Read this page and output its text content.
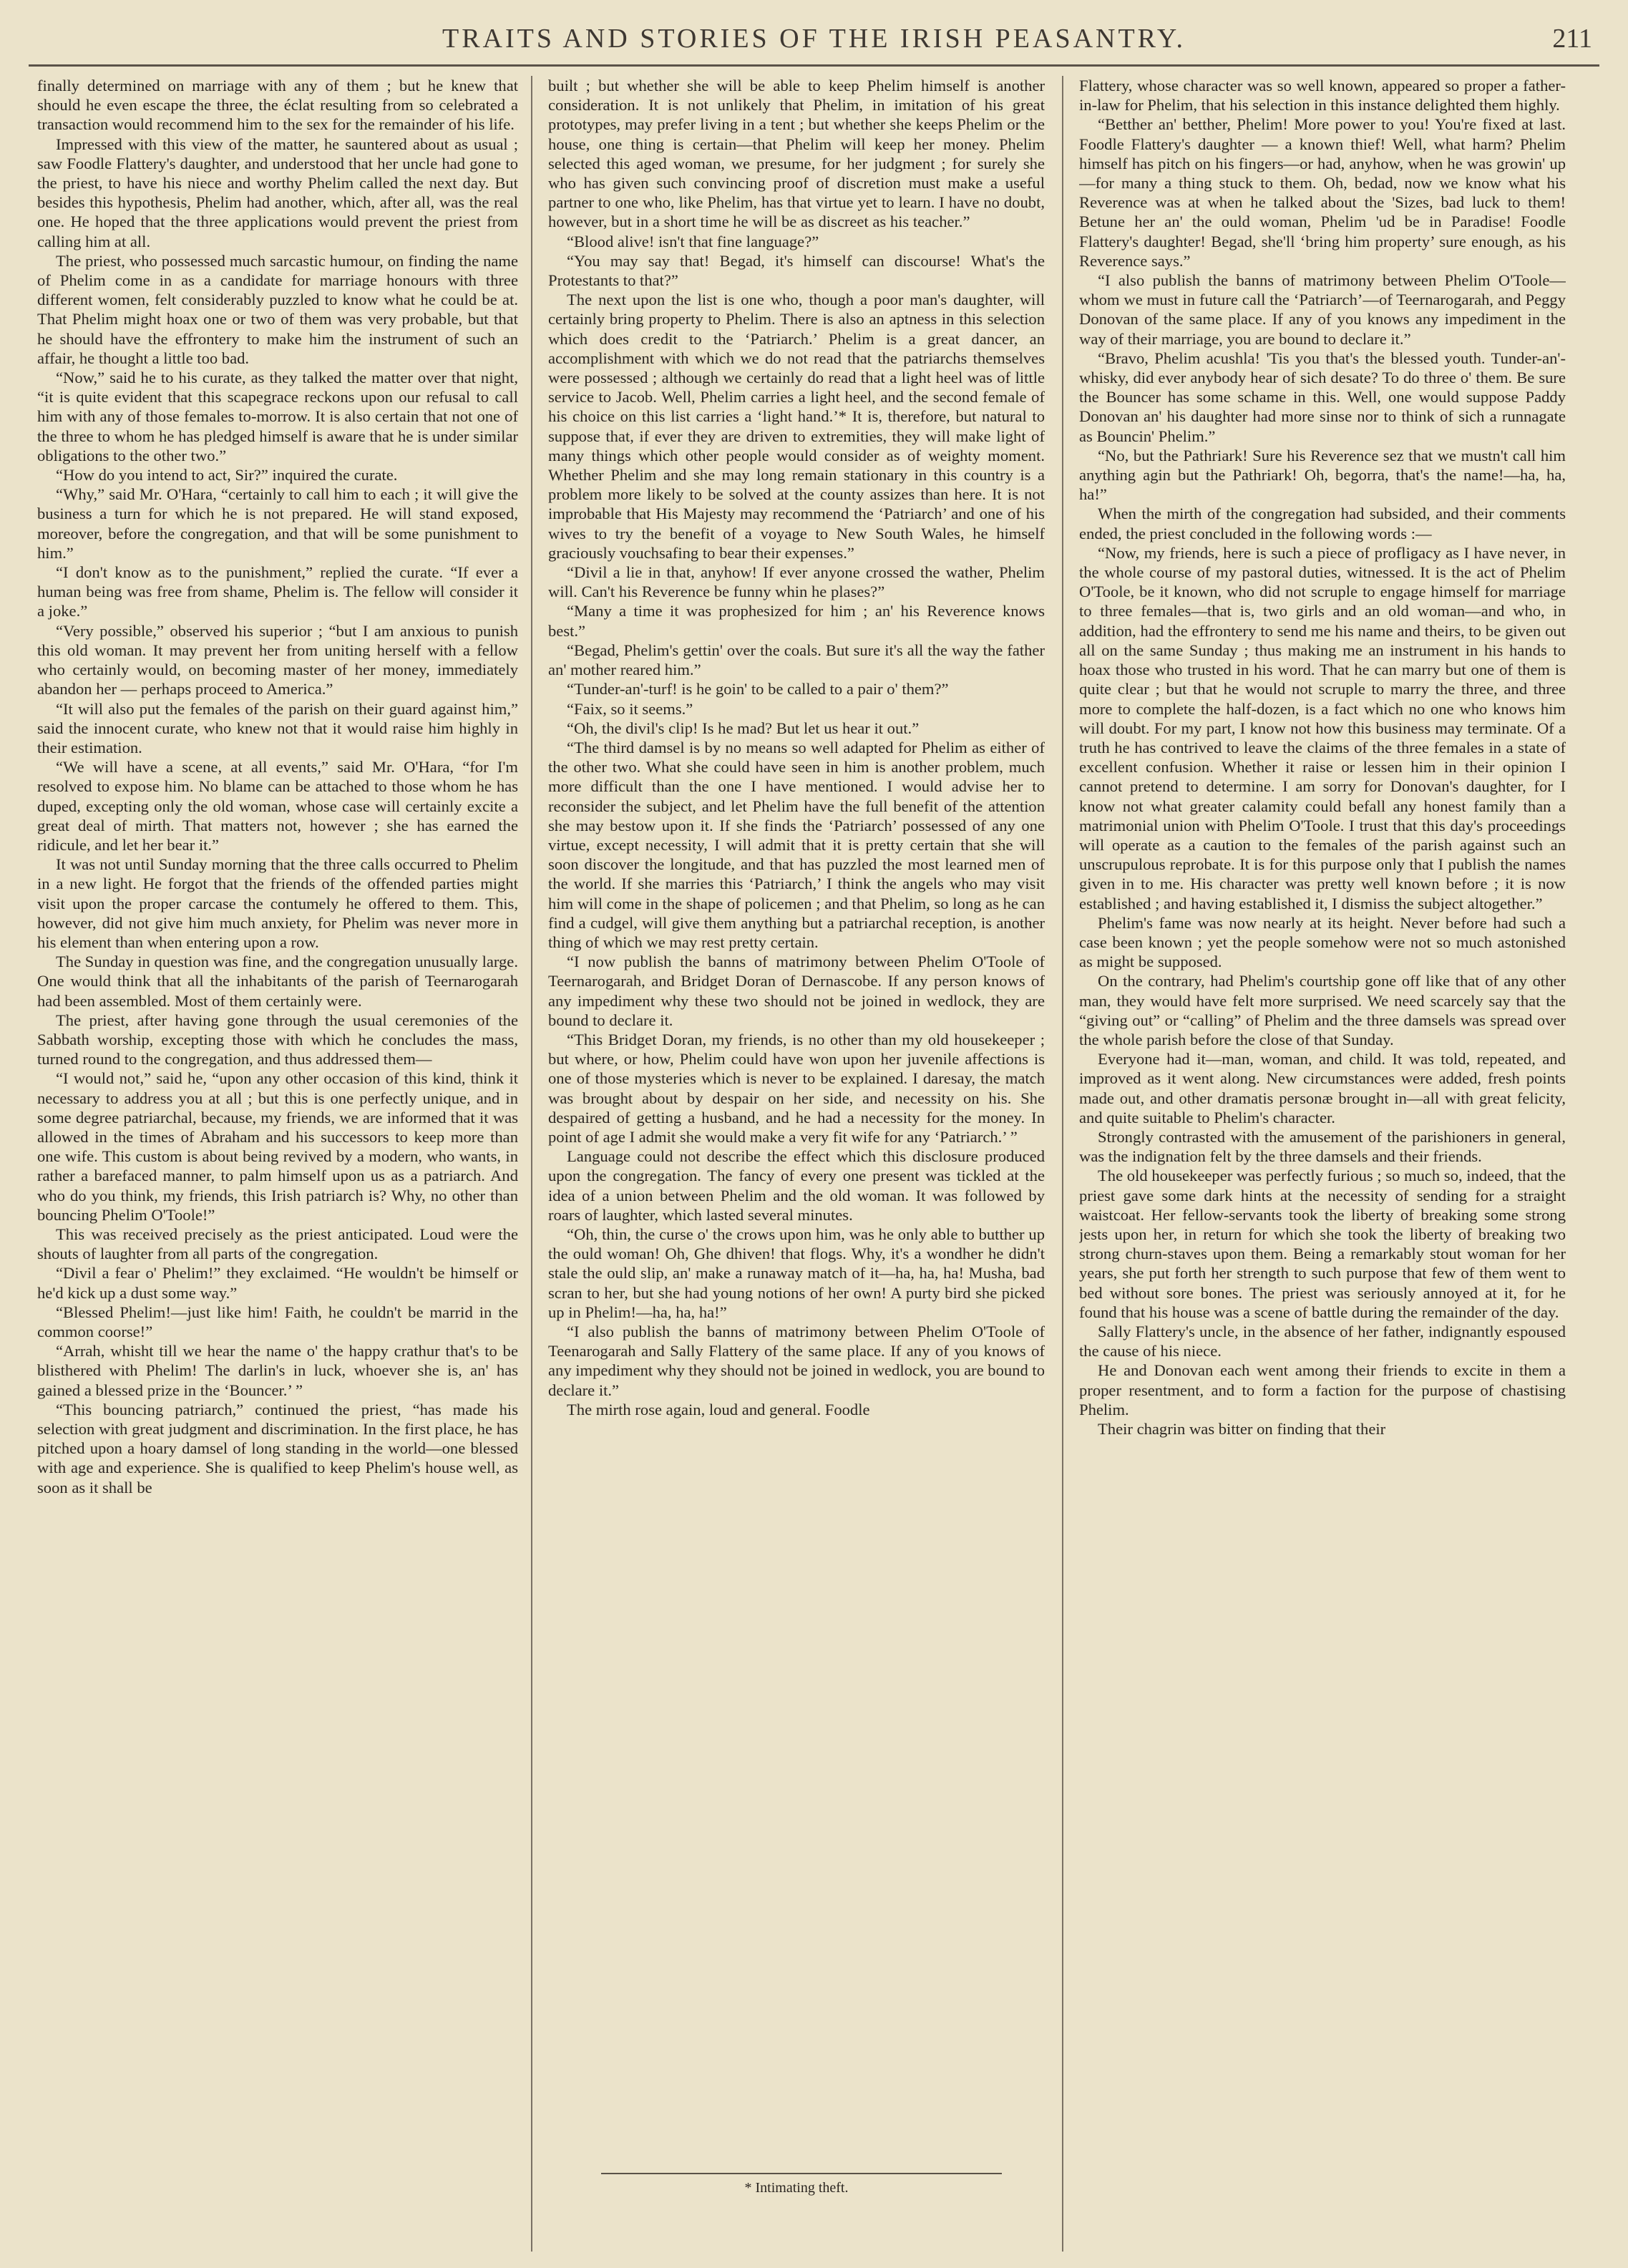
TRAITS AND STORIES OF THE IRISH PEASANTRY.	211

finally determined on marriage with any of them ; but he knew that should he even escape the three, the éclat resulting from so celebrated a transaction would recommend him to the sex for the remainder of his life.

Impressed with this view of the matter, he sauntered about as usual ; saw Foodle Flattery's daughter, and understood that her uncle had gone to the priest, to have his niece and worthy Phelim called the next day. But besides this hypothesis, Phelim had another, which, after all, was the real one. He hoped that the three applications would prevent the priest from calling him at all.

The priest, who possessed much sarcastic humour, on finding the name of Phelim come in as a candidate for marriage honours with three different women, felt considerably puzzled to know what he could be at. That Phelim might hoax one or two of them was very probable, but that he should have the effrontery to make him the instrument of such an affair, he thought a little too bad.

“Now,” said he to his curate, as they talked the matter over that night, “it is quite evident that this scapegrace reckons upon our refusal to call him with any of those females to-morrow. It is also certain that not one of the three to whom he has pledged himself is aware that he is under similar obligations to the other two.”

“How do you intend to act, Sir?” inquired the curate.

“Why,” said Mr. O'Hara, “certainly to call him to each ; it will give the business a turn for which he is not prepared. He will stand exposed, moreover, before the congregation, and that will be some punishment to him.”

“I don't know as to the punishment,” replied the curate. “If ever a human being was free from shame, Phelim is. The fellow will consider it a joke.”

“Very possible,” observed his superior ; “but I am anxious to punish this old woman. It may prevent her from uniting herself with a fellow who certainly would, on becoming master of her money, immediately abandon her — perhaps proceed to America.”

“It will also put the females of the parish on their guard against him,” said the innocent curate, who knew not that it would raise him highly in their estimation.

“We will have a scene, at all events,” said Mr. O'Hara, “for I'm resolved to expose him. No blame can be attached to those whom he has duped, excepting only the old woman, whose case will certainly excite a great deal of mirth. That matters not, however ; she has earned the ridicule, and let her bear it.”

It was not until Sunday morning that the three calls occurred to Phelim in a new light. He forgot that the friends of the offended parties might visit upon the proper carcase the contumely he offered to them. This, however, did not give him much anxiety, for Phelim was never more in his element than when entering upon a row.

The Sunday in question was fine, and the congregation unusually large. One would think that all the inhabitants of the parish of Teernarogarah had been assembled. Most of them certainly were.

The priest, after having gone through the usual ceremonies of the Sabbath worship, excepting those with which he concludes the mass, turned round to the congregation, and thus addressed them—

“I would not,” said he, “upon any other occasion of this kind, think it necessary to address you at all ; but this is one perfectly unique, and in some degree patriarchal, because, my friends, we are informed that it was allowed in the times of Abraham and his successors to keep more than one wife. This custom is about being revived by a modern, who wants, in rather a barefaced manner, to palm himself upon us as a patriarch. And who do you think, my friends, this Irish patriarch is? Why, no other than bouncing Phelim O'Toole!”

This was received precisely as the priest anticipated. Loud were the shouts of laughter from all parts of the congregation.

“Divil a fear o' Phelim!” they exclaimed. “He wouldn't be himself or he'd kick up a dust some way.”

“Blessed Phelim!—just like him! Faith, he couldn't be marrid in the common coorse!”

“Arrah, whisht till we hear the name o' the happy crathur that's to be blisthered with Phelim! The darlin's in luck, whoever she is, an' has gained a blessed prize in the ‘Bouncer.’ ”

“This bouncing patriarch,” continued the priest, “has made his selection with great judgment and discrimination. In the first place, he has pitched upon a hoary damsel of long standing in the world—one blessed with age and experience. She is qualified to keep Phelim's house well, as soon as it shall be

built ; but whether she will be able to keep Phelim himself is another consideration. It is not unlikely that Phelim, in imitation of his great prototypes, may prefer living in a tent ; but whether she keeps Phelim or the house, one thing is certain—that Phelim will keep her money. Phelim selected this aged woman, we presume, for her judgment ; for surely she who has given such convincing proof of discretion must make a useful partner to one who, like Phelim, has that virtue yet to learn. I have no doubt, however, but in a short time he will be as discreet as his teacher.”

“Blood alive! isn't that fine language?”

“You may say that! Begad, it's himself can discourse! What's the Protestants to that?”

The next upon the list is one who, though a poor man's daughter, will certainly bring property to Phelim. There is also an aptness in this selection which does credit to the ‘Patriarch.’ Phelim is a great dancer, an accomplishment with which we do not read that the patriarchs themselves were possessed ; although we certainly do read that a light heel was of little service to Jacob. Well, Phelim carries a light heel, and the second female of his choice on this list carries a ‘light hand.’* It is, therefore, but natural to suppose that, if ever they are driven to extremities, they will make light of many things which other people would consider as of weighty moment. Whether Phelim and she may long remain stationary in this country is a problem more likely to be solved at the county assizes than here. It is not improbable that His Majesty may recommend the ‘Patriarch’ and one of his wives to try the benefit of a voyage to New South Wales, he himself graciously vouchsafing to bear their expenses.”

“Divil a lie in that, anyhow! If ever anyone crossed the wather, Phelim will. Can't his Reverence be funny whin he plases?”

“Many a time it was prophesized for him ; an' his Reverence knows best.”

“Begad, Phelim's gettin' over the coals. But sure it's all the way the father an' mother reared him.”

“Tunder-an'-turf! is he goin' to be called to a pair o' them?”

“Faix, so it seems.”

“Oh, the divil's clip! Is he mad? But let us hear it out.”

“The third damsel is by no means so well adapted for Phelim as either of the other two. What she could have seen in him is another problem, much more difficult than the one I have mentioned. I would advise her to reconsider the subject, and let Phelim have the full benefit of the attention she may bestow upon it. If she finds the ‘Patriarch’ possessed of any one virtue, except necessity, I will admit that it is pretty certain that she will soon discover the longitude, and that has puzzled the most learned men of the world. If she marries this ‘Patriarch,’ I think the angels who may visit him will come in the shape of policemen ; and that Phelim, so long as he can find a cudgel, will give them anything but a patriarchal reception, is another thing of which we may rest pretty certain.

“I now publish the banns of matrimony between Phelim O'Toole of Teernarogarah, and Bridget Doran of Dernascobe. If any person knows of any impediment why these two should not be joined in wedlock, they are bound to declare it.

“This Bridget Doran, my friends, is no other than my old housekeeper ; but where, or how, Phelim could have won upon her juvenile affections is one of those mysteries which is never to be explained. I daresay, the match was brought about by despair on her side, and necessity on his. She despaired of getting a husband, and he had a necessity for the money. In point of age I admit she would make a very fit wife for any ‘Patriarch.’ ”

Language could not describe the effect which this disclosure produced upon the congregation. The fancy of every one present was tickled at the idea of a union between Phelim and the old woman. It was followed by roars of laughter, which lasted several minutes.

“Oh, thin, the curse o' the crows upon him, was he only able to butther up the ould woman! Oh, Ghe dhiven! that flogs. Why, it's a wondher he didn't stale the ould slip, an' make a runaway match of it—ha, ha, ha! Musha, bad scran to her, but she had young notions of her own! A purty bird she picked up in Phelim!—ha, ha, ha!”

“I also publish the banns of matrimony between Phelim O'Toole of Teenarogarah and Sally Flattery of the same place. If any of you knows of any impediment why they should not be joined in wedlock, you are bound to declare it.”

The mirth rose again, loud and general. Foodle

Flattery, whose character was so well known, appeared so proper a father-in-law for Phelim, that his selection in this instance delighted them highly.

“Betther an' betther, Phelim! More power to you! You're fixed at last. Foodle Flattery's daughter — a known thief! Well, what harm? Phelim himself has pitch on his fingers—or had, anyhow, when he was growin' up—for many a thing stuck to them. Oh, bedad, now we know what his Reverence was at when he talked about the 'Sizes, bad luck to them! Betune her an' the ould woman, Phelim 'ud be in Paradise! Foodle Flattery's daughter! Begad, she'll ‘bring him property’ sure enough, as his Reverence says.”

“I also publish the banns of matrimony between Phelim O'Toole—whom we must in future call the ‘Patriarch’—of Teernarogarah, and Peggy Donovan of the same place. If any of you knows any impediment in the way of their marriage, you are bound to declare it.”

“Bravo, Phelim acushla! 'Tis you that's the blessed youth. Tunder-an'-whisky, did ever anybody hear of sich desate? To do three o' them. Be sure the Bouncer has some schame in this. Well, one would suppose Paddy Donovan an' his daughter had more sinse nor to think of sich a runnagate as Bouncin' Phelim.”

“No, but the Pathriark! Sure his Reverence sez that we mustn't call him anything agin but the Pathriark! Oh, begorra, that's the name!—ha, ha, ha!”

When the mirth of the congregation had subsided, and their comments ended, the priest concluded in the following words :—

“Now, my friends, here is such a piece of profligacy as I have never, in the whole course of my pastoral duties, witnessed. It is the act of Phelim O'Toole, be it known, who did not scruple to engage himself for marriage to three females—that is, two girls and an old woman—and who, in addition, had the effrontery to send me his name and theirs, to be given out all on the same Sunday ; thus making me an instrument in his hands to hoax those who trusted in his word. That he can marry but one of them is quite clear ; but that he would not scruple to marry the three, and three more to complete the half-dozen, is a fact which no one who knows him will doubt. For my part, I know not how this business may terminate. Of a truth he has contrived to leave the claims of the three females in a state of excellent confusion. Whether it raise or lessen him in their opinion I cannot pretend to determine. I am sorry for Donovan's daughter, for I know not what greater calamity could befall any honest family than a matrimonial union with Phelim O'Toole. I trust that this day's proceedings will operate as a caution to the females of the parish against such an unscrupulous reprobate. It is for this purpose only that I publish the names given in to me. His character was pretty well known before ; it is now established ; and having established it, I dismiss the subject altogether.”

Phelim's fame was now nearly at its height. Never before had such a case been known ; yet the people somehow were not so much astonished as might be supposed.

On the contrary, had Phelim's courtship gone off like that of any other man, they would have felt more surprised. We need scarcely say that the “giving out” or “calling” of Phelim and the three damsels was spread over the whole parish before the close of that Sunday.

Everyone had it—man, woman, and child. It was told, repeated, and improved as it went along. New circumstances were added, fresh points made out, and other dramatis personæ brought in—all with great felicity, and quite suitable to Phelim's character.

Strongly contrasted with the amusement of the parishioners in general, was the indignation felt by the three damsels and their friends.

The old housekeeper was perfectly furious ; so much so, indeed, that the priest gave some dark hints at the necessity of sending for a straight waistcoat. Her fellow-servants took the liberty of breaking some strong jests upon her, in return for which she took the liberty of breaking two strong churn-staves upon them. Being a remarkably stout woman for her years, she put forth her strength to such purpose that few of them went to bed without sore bones. The priest was seriously annoyed at it, for he found that his house was a scene of battle during the remainder of the day.

Sally Flattery's uncle, in the absence of her father, indignantly espoused the cause of his niece.

He and Donovan each went among their friends to excite in them a proper resentment, and to form a faction for the purpose of chastising Phelim.

Their chagrin was bitter on finding that their

* Intimating theft.
